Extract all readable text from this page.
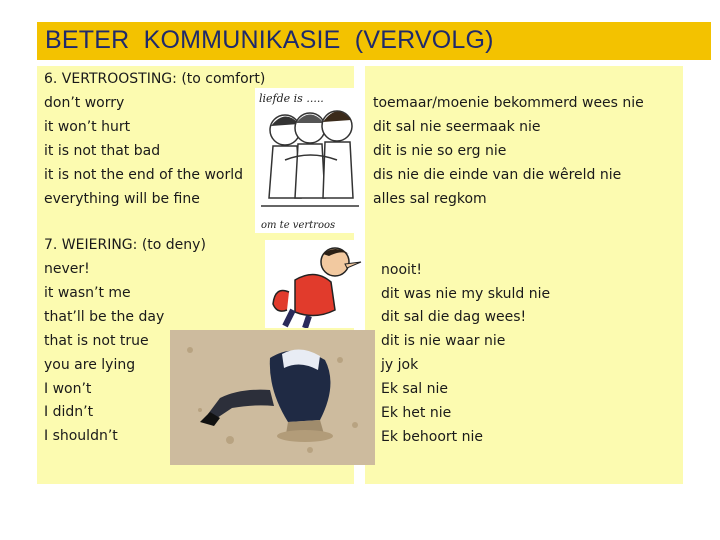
BETER  KOMMUNIKASIE  (VERVOLG)
6. VERTROOSTING: (to comfort)
don’t worry
it won’t hurt
it is not that bad
it is not the end of the world
everything will be fine
toemaar/moenie bekommerd wees nie
dit sal nie seermaak nie
dit is nie so erg nie
dis nie die einde van die wêreld nie
alles sal regkom
7. WEIERING: (to deny)
never!
it wasn’t me
that’ll be the day
that is not true
you are lying
I won’t
I didn’t
I shouldn’t
nooit!
dit was nie my skuld nie
dit sal die dag wees!
dit is nie waar nie
jy jok
Ek sal nie
Ek het nie
Ek behoort nie
liefde is .....
om te vertroos
